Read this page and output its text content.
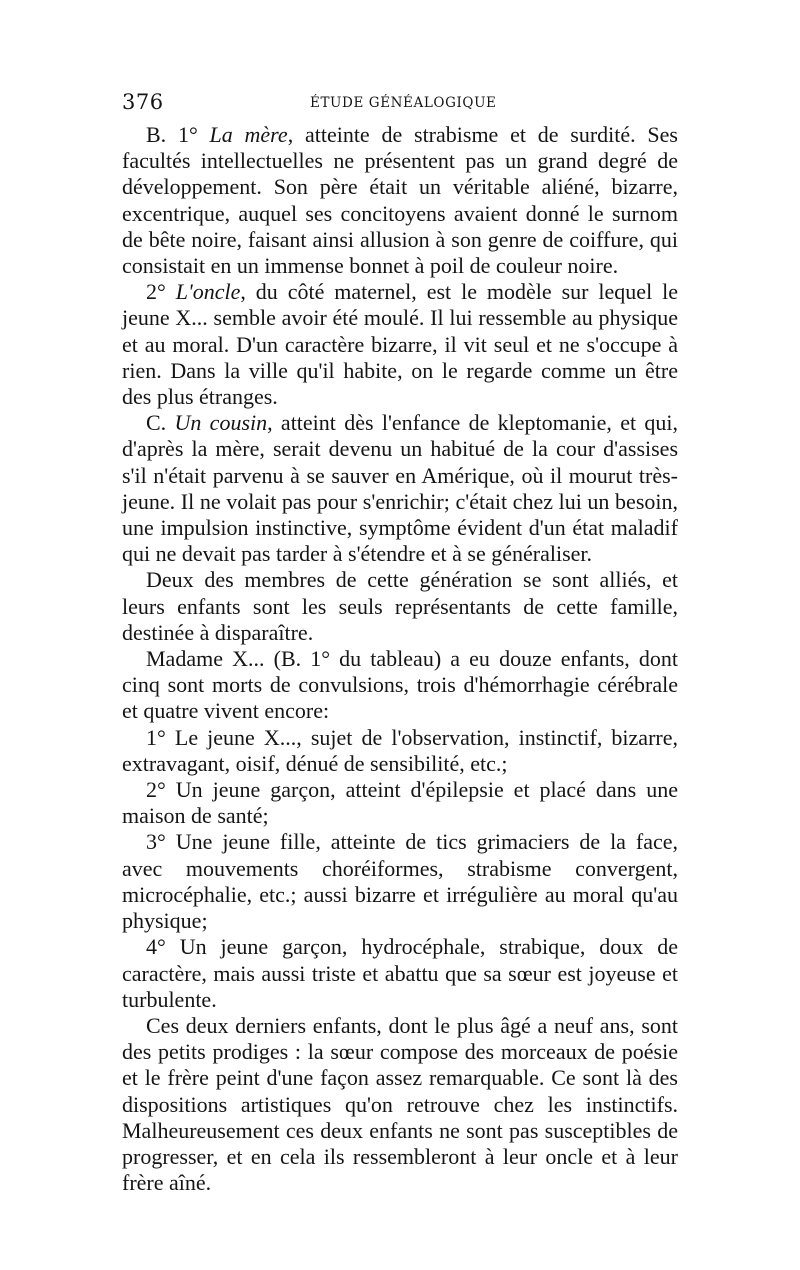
376	ÉTUDE GÉNÉALOGIQUE

B. 1° La mère, atteinte de strabisme et de surdité. Ses facultés intellectuelles ne présentent pas un grand degré de développement. Son père était un véritable aliéné, bizarre, excentrique, auquel ses concitoyens avaient donné le surnom de bête noire, faisant ainsi allusion à son genre de coiffure, qui consistait en un immense bonnet à poil de couleur noire.

2° L'oncle, du côté maternel, est le modèle sur lequel le jeune X... semble avoir été moulé. Il lui ressemble au physique et au moral. D'un caractère bizarre, il vit seul et ne s'occupe à rien. Dans la ville qu'il habite, on le regarde comme un être des plus étranges.

C. Un cousin, atteint dès l'enfance de kleptomanie, et qui, d'après la mère, serait devenu un habitué de la cour d'assises s'il n'était parvenu à se sauver en Amérique, où il mourut très-jeune. Il ne volait pas pour s'enrichir; c'était chez lui un besoin, une impulsion instinctive, symptôme évident d'un état maladif qui ne devait pas tarder à s'étendre et à se généraliser.

Deux des membres de cette génération se sont alliés, et leurs enfants sont les seuls représentants de cette famille, destinée à disparaître.

Madame X... (B. 1° du tableau) a eu douze enfants, dont cinq sont morts de convulsions, trois d'hémorrhagie cérébrale et quatre vivent encore:

1° Le jeune X..., sujet de l'observation, instinctif, bizarre, extravagant, oisif, dénué de sensibilité, etc.;

2° Un jeune garçon, atteint d'épilepsie et placé dans une maison de santé;

3° Une jeune fille, atteinte de tics grimaciers de la face, avec mouvements choréiformes, strabisme convergent, microcéphalie, etc.; aussi bizarre et irrégulière au moral qu'au physique;

4° Un jeune garçon, hydrocéphale, strabique, doux de caractère, mais aussi triste et abattu que sa sœur est joyeuse et turbulente.

Ces deux derniers enfants, dont le plus âgé a neuf ans, sont des petits prodiges : la sœur compose des morceaux de poésie et le frère peint d'une façon assez remarquable. Ce sont là des dispositions artistiques qu'on retrouve chez les instinctifs. Malheureusement ces deux enfants ne sont pas susceptibles de progresser, et en cela ils ressembleront à leur oncle et à leur frère aîné.
